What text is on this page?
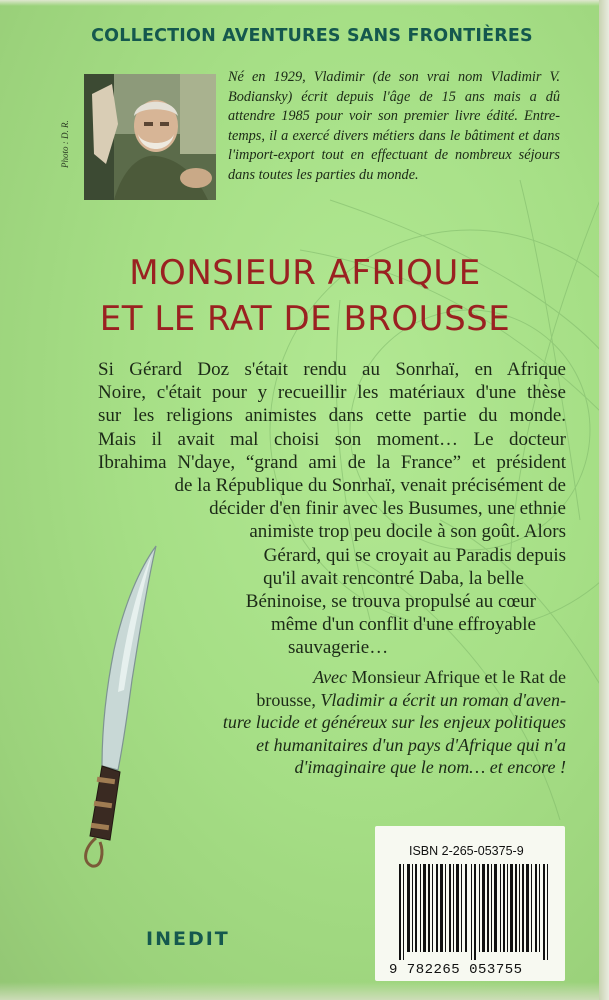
COLLECTION AVENTURES SANS FRONTIÈRES
Photo : D. R.
Né en 1929, Vladimir (de son vrai nom Vladimir V. Bodiansky) écrit depuis l'âge de 15 ans mais a dû attendre 1985 pour voir son premier livre édité. Entre-temps, il a exercé divers métiers dans le bâtiment et dans l'import-export tout en effectuant de nombreux séjours dans toutes les parties du monde.
MONSIEUR AFRIQUE
ET LE RAT DE BROUSSE
Si Gérard Doz s'était rendu au Sonrhaï, en Afrique
Noire, c'était pour y recueillir les matériaux d'une thèse
sur les religions animistes dans cette partie du monde.
Mais il avait mal choisi son moment… Le docteur
Ibrahima N'daye, “grand ami de la France” et président
de la République du Sonrhaï, venait précisément de
décider d'en finir avec les Busumes, une ethnie
animiste trop peu docile à son goût. Alors
Gérard, qui se croyait au Paradis depuis
qu'il avait rencontré Daba, la belle
Béninoise, se trouva propulsé au cœur
même d'un conflit d'une effroyable
sauvagerie…
Avec Monsieur Afrique et le Rat de
brousse, Vladimir a écrit un roman d'aven-
ture lucide et généreux sur les enjeux politiques
et humanitaires d'un pays d'Afrique qui n'a
d'imaginaire que le nom… et encore !
ISBN 2-265-05375-9
9 782265 053755
INEDIT
